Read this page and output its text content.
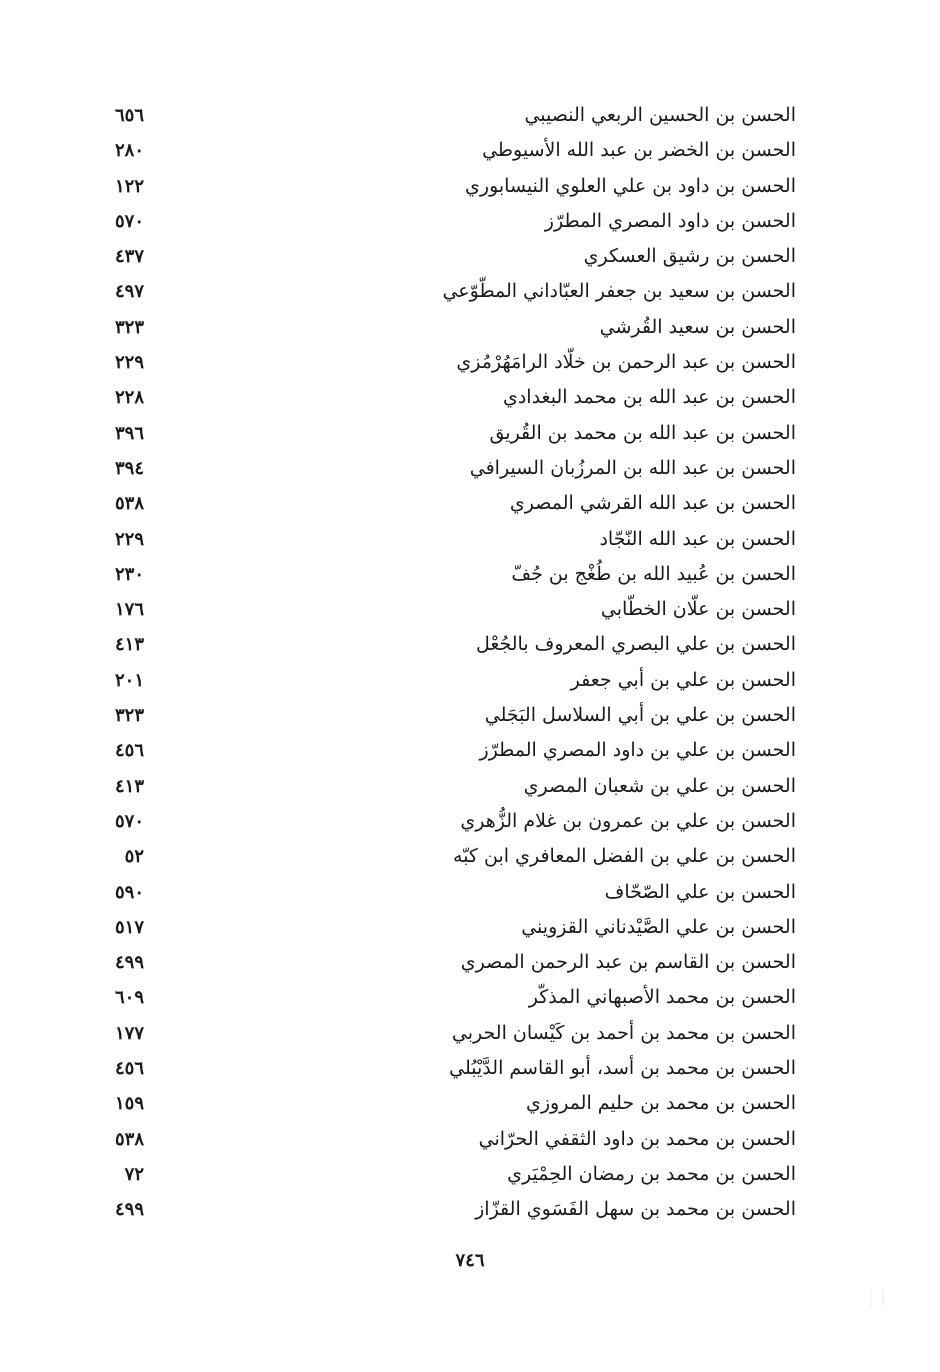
الحسن بن الحسين الربعي النصيبي
٦٥٦
الحسن بن الخضر بن عبد الله الأسيوطي
٢٨٠
الحسن بن داود بن علي العلوي النيسابوري
١٢٢
الحسن بن داود المصري المطرّز
٥٧٠
الحسن بن رشيق العسكري
٤٣٧
الحسن بن سعيد بن جعفر العبّاداني المطّوّعي
٤٩٧
الحسن بن سعيد القُرشي
٣٢٣
الحسن بن عبد الرحمن بن خلّاد الرامَهُرْمُزي
٢٢٩
الحسن بن عبد الله بن محمد البغدادي
٢٢٨
الحسن بن عبد الله بن محمد بن القُريق
٣٩٦
الحسن بن عبد الله بن المرزُبان السيرافي
٣٩٤
الحسن بن عبد الله القرشي المصري
٥٣٨
الحسن بن عبد الله النّجّاد
٢٢٩
الحسن بن عُبيد الله بن طُغْج بن جُفّ
٢٣٠
الحسن بن علّان الخطّابي
١٧٦
الحسن بن علي البصري المعروف بالجُعْل
٤١٣
الحسن بن علي بن أبي جعفر
٢٠١
الحسن بن علي بن أبي السلاسل البَجَلي
٣٢٣
الحسن بن علي بن داود المصري المطرّز
٤٥٦
الحسن بن علي بن شعبان المصري
٤١٣
الحسن بن علي بن عمرون بن غلام الزُّهري
٥٧٠
الحسن بن علي بن الفضل المعافري ابن كبّه
٥٢
الحسن بن علي الصّحّاف
٥٩٠
الحسن بن علي الصَّيْدناني القزويني
٥١٧
الحسن بن القاسم بن عبد الرحمن المصري
٤٩٩
الحسن بن محمد الأصبهاني المذكّر
٦٠٩
الحسن بن محمد بن أحمد بن كَيْسان الحربي
١٧٧
الحسن بن محمد بن أسد، أبو القاسم الدَّيْبُلي
٤٥٦
الحسن بن محمد بن حليم المروزي
١٥٩
الحسن بن محمد بن داود الثقفي الحرّاني
٥٣٨
الحسن بن محمد بن رمضان الحِمْيَري
٧٢
الحسن بن محمد بن سهل الفَسَوي القزّاز
٤٩٩
٧٤٦
⋮ ⋮
⋮ ⋮
⋮ ⋮
